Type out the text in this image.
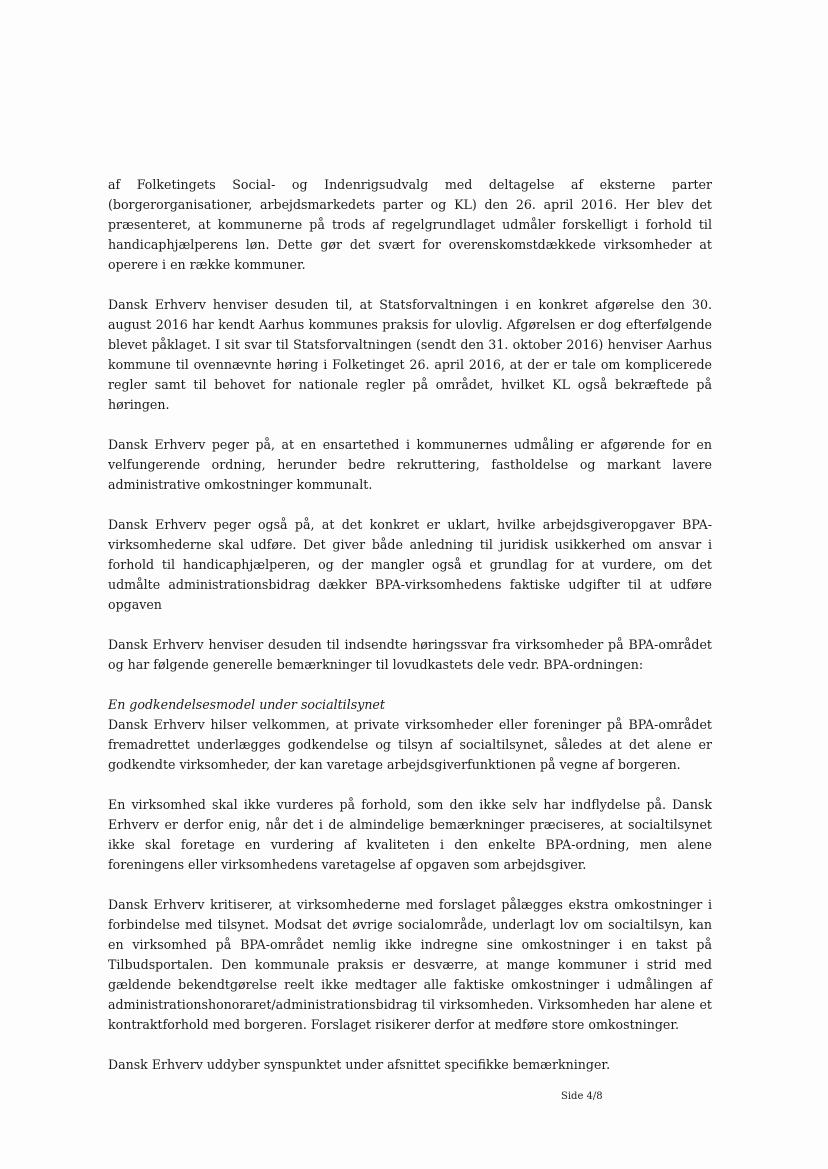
af Folketingets Social- og Indenrigsudvalg med deltagelse af eksterne parter (borgerorganisationer, arbejdsmarkedets parter og KL) den 26. april 2016. Her blev det præsenteret, at kommunerne på trods af regelgrundlaget udmåler forskelligt i forhold til handicaphjælperens løn. Dette gør det svært for overenskomstdækkede virksomheder at operere i en række kommuner.

Dansk Erhverv henviser desuden til, at Statsforvaltningen i en konkret afgørelse den 30. august 2016 har kendt Aarhus kommunes praksis for ulovlig. Afgørelsen er dog efterfølgende blevet påklaget. I sit svar til Statsforvaltningen (sendt den 31. oktober 2016) henviser Aarhus kommune til ovennævnte høring i Folketinget 26. april 2016, at der er tale om komplicerede regler samt til behovet for nationale regler på området, hvilket KL også bekræftede på høringen.

Dansk Erhverv peger på, at en ensartethed i kommunernes udmåling er afgørende for en velfungerende ordning, herunder bedre rekruttering, fastholdelse og markant lavere administrative omkostninger kommunalt.

Dansk Erhverv peger også på, at det konkret er uklart, hvilke arbejdsgiveropgaver BPA-virksomhederne skal udføre. Det giver både anledning til juridisk usikkerhed om ansvar i forhold til handicaphjælperen, og der mangler også et grundlag for at vurdere, om det udmålte administrationsbidrag dækker BPA-virksomhedens faktiske udgifter til at udføre opgaven

Dansk Erhverv henviser desuden til indsendte høringssvar fra virksomheder på BPA-området og har følgende generelle bemærkninger til lovudkastets dele vedr. BPA-ordningen:

En godkendelsesmodel under socialtilsynet

Dansk Erhverv hilser velkommen, at private virksomheder eller foreninger på BPA-området fremadrettet underlægges godkendelse og tilsyn af socialtilsynet, således at det alene er godkendte virksomheder, der kan varetage arbejdsgiverfunktionen på vegne af borgeren.

En virksomhed skal ikke vurderes på forhold, som den ikke selv har indflydelse på. Dansk Erhverv er derfor enig, når det i de almindelige bemærkninger præciseres, at socialtilsynet ikke skal foretage en vurdering af kvaliteten i den enkelte BPA-ordning, men alene foreningens eller virksomhedens varetagelse af opgaven som arbejdsgiver.

Dansk Erhverv kritiserer, at virksomhederne med forslaget pålægges ekstra omkostninger i forbindelse med tilsynet. Modsat det øvrige socialområde, underlagt lov om socialtilsyn, kan en virksomhed på BPA-området nemlig ikke indregne sine omkostninger i en takst på Tilbudsportalen. Den kommunale praksis er desværre, at mange kommuner i strid med gældende bekendtgørelse reelt ikke medtager alle faktiske omkostninger i udmålingen af administrationshonoraret/administrationsbidrag til virksomheden. Virksomheden har alene et kontraktforhold med borgeren. Forslaget risikerer derfor at medføre store omkostninger.

Dansk Erhverv uddyber synspunktet under afsnittet specifikke bemærkninger.

Side 4/8
